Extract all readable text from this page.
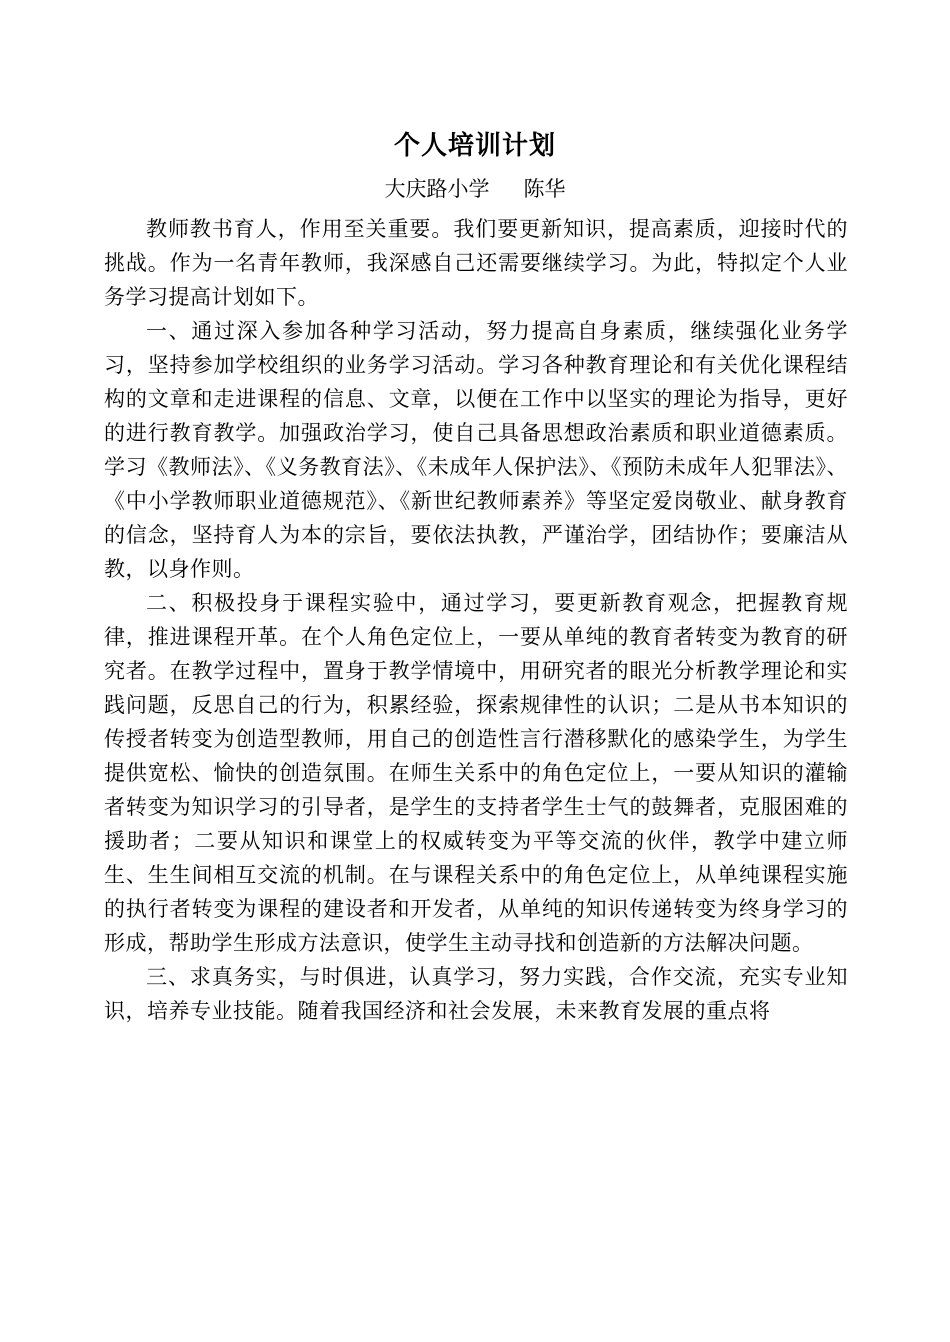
个人培训计划
大庆路小学 陈华

教师教书育人，作用至关重要。我们要更新知识，提高素质，迎接时代的挑战。作为一名青年教师，我深感自己还需要继续学习。为此，特拟定个人业务学习提高计划如下。

一、通过深入参加各种学习活动，努力提高自身素质，继续强化业务学习，坚持参加学校组织的业务学习活动。学习各种教育理论和有关优化课程结构的文章和走进课程的信息、文章，以便在工作中以坚实的理论为指导，更好的进行教育教学。加强政治学习，使自己具备思想政治素质和职业道德素质。学习《教师法》、《义务教育法》、《未成年人保护法》、《预防未成年人犯罪法》、《中小学教师职业道德规范》、《新世纪教师素养》等坚定爱岗敬业、献身教育的信念，坚持育人为本的宗旨，要依法执教，严谨治学，团结协作；要廉洁从教，以身作则。

二、积极投身于课程实验中，通过学习，要更新教育观念，把握教育规律，推进课程开革。在个人角色定位上，一要从单纯的教育者转变为教育的研究者。在教学过程中，置身于教学情境中，用研究者的眼光分析教学理论和实践问题，反思自己的行为，积累经验，探索规律性的认识；二是从书本知识的传授者转变为创造型教师，用自己的创造性言行潜移默化的感染学生，为学生提供宽松、愉快的创造氛围。在师生关系中的角色定位上，一要从知识的灌输者转变为知识学习的引导者，是学生的支持者学生士气的鼓舞者，克服困难的援助者；二要从知识和课堂上的权威转变为平等交流的伙伴，教学中建立师生、生生间相互交流的机制。在与课程关系中的角色定位上，从单纯课程实施的执行者转变为课程的建设者和开发者，从单纯的知识传递转变为终身学习的形成，帮助学生形成方法意识，使学生主动寻找和创造新的方法解决问题。

三、求真务实，与时俱进，认真学习，努力实践，合作交流，充实专业知识，培养专业技能。随着我国经济和社会发展，未来教育发展的重点将
